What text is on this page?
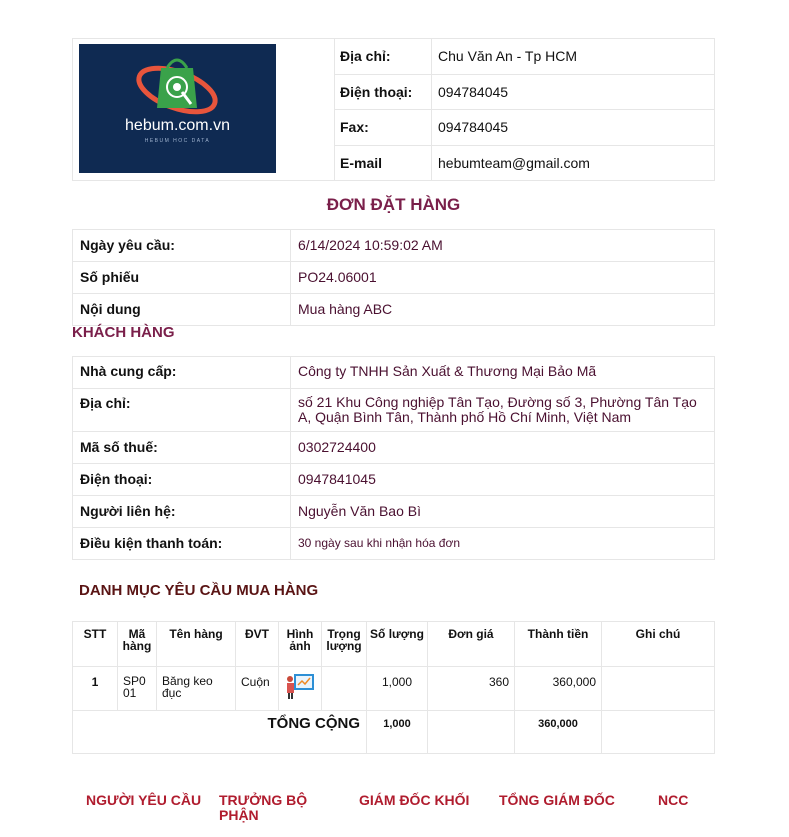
hebum.com.vn
HEBUM HOC DATA
Địa chỉ:	Chu Văn An - Tp HCM
Điện thoại:	094784045
Fax:	094784045
E-mail	hebumteam@gmail.com
ĐƠN ĐẶT HÀNG
Ngày yêu cầu:	6/14/2024 10:59:02 AM
Số phiếu	PO24.06001
Nội dung	Mua hàng ABC
KHÁCH HÀNG
Nhà cung cấp:	Công ty TNHH Sản Xuất & Thương Mại Bảo Mã
Địa chỉ:	số 21 Khu Công nghiệp Tân Tạo, Đường số 3, Phường Tân Tạo A, Quận Bình Tân, Thành phố Hồ Chí Minh, Việt Nam
Mã số thuế:	0302724400
Điện thoại:	0947841045
Người liên hệ:	Nguyễn Văn Bao Bì
Điều kiện thanh toán:	30 ngày sau khi nhận hóa đơn
DANH MỤC YÊU CẦU MUA HÀNG
STT	Mã hàng	Tên hàng	ĐVT	Hình ảnh	Trọng lượng	Số lượng	Đơn giá	Thành tiền	Ghi chú
1	SP001	Băng keo đục	Cuộn			1,000	360	360,000	
TỔNG CỘNG						1,000		360,000	
NGƯỜI YÊU CẦU TRƯỞNG BỘ PHẬN
GIÁM ĐỐC KHỐI TỔNG GIÁM ĐỐC	NCC
